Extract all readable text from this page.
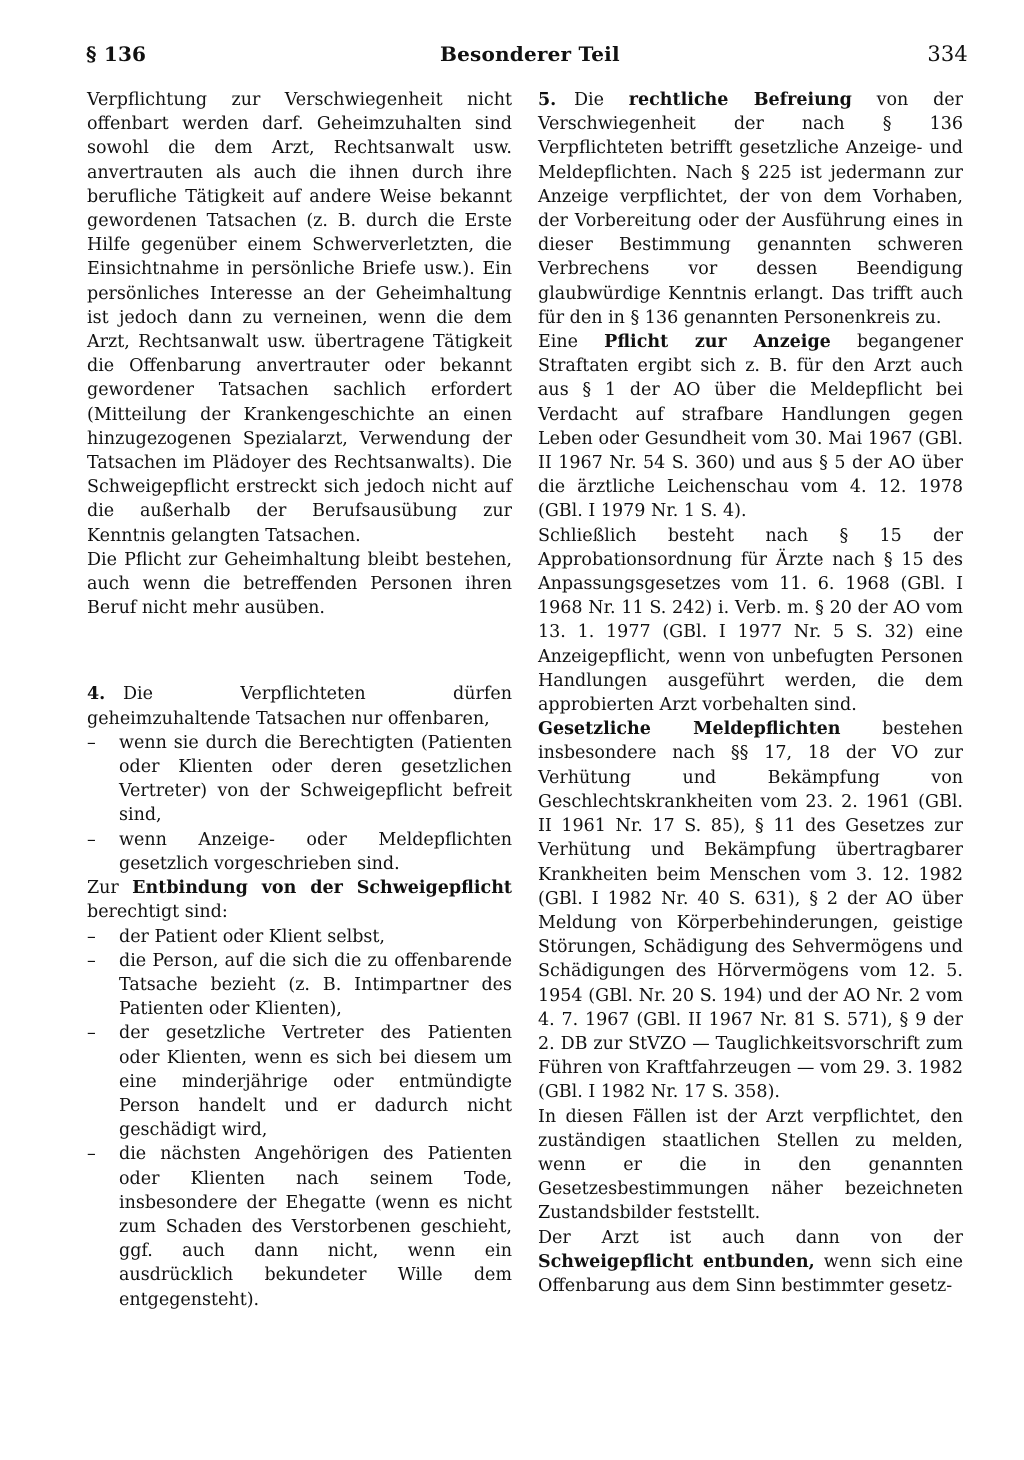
§ 136	Besonderer Teil	334

Verpflichtung zur Verschwiegenheit nicht offenbart werden darf. Geheimzuhalten sind sowohl die dem Arzt, Rechtsanwalt usw. anvertrauten als auch die ihnen durch ihre berufliche Tätigkeit auf andere Weise bekannt gewordenen Tatsachen (z. B. durch die Erste Hilfe gegenüber einem Schwerverletzten, die Einsichtnahme in persönliche Briefe usw.). Ein persönliches Interesse an der Geheimhaltung ist jedoch dann zu verneinen, wenn die dem Arzt, Rechtsanwalt usw. übertragene Tätigkeit die Offenbarung anvertrauter oder bekannt gewordener Tatsachen sachlich erfordert (Mitteilung der Krankengeschichte an einen hinzugezogenen Spezialarzt, Verwendung der Tatsachen im Plädoyer des Rechtsanwalts). Die Schweigepflicht erstreckt sich jedoch nicht auf die außerhalb der Berufsausübung zur Kenntnis gelangten Tatsachen.

Die Pflicht zur Geheimhaltung bleibt bestehen, auch wenn die betreffenden Personen ihren Beruf nicht mehr ausüben.

4. Die Verpflichteten dürfen geheimzuhaltende Tatsachen nur offenbaren,

– wenn sie durch die Berechtigten (Patienten oder Klienten oder deren gesetzlichen Vertreter) von der Schweigepflicht befreit sind,
– wenn Anzeige- oder Meldepflichten gesetzlich vorgeschrieben sind.

Zur Entbindung von der Schweigepflicht berechtigt sind:

– der Patient oder Klient selbst,
– die Person, auf die sich die zu offenbarende Tatsache bezieht (z. B. Intimpartner des Patienten oder Klienten),
– der gesetzliche Vertreter des Patienten oder Klienten, wenn es sich bei diesem um eine minderjährige oder entmündigte Person handelt und er dadurch nicht geschädigt wird,
– die nächsten Angehörigen des Patienten oder Klienten nach seinem Tode, insbesondere der Ehegatte (wenn es nicht zum Schaden des Verstorbenen geschieht, ggf. auch dann nicht, wenn ein ausdrücklich bekundeter Wille dem entgegensteht).

5. Die rechtliche Befreiung von der Verschwiegenheit der nach § 136 Verpflichteten betrifft gesetzliche Anzeige- und Meldepflichten. Nach § 225 ist jedermann zur Anzeige verpflichtet, der von dem Vorhaben, der Vorbereitung oder der Ausführung eines in dieser Bestimmung genannten schweren Verbrechens vor dessen Beendigung glaubwürdige Kenntnis erlangt. Das trifft auch für den in § 136 genannten Personenkreis zu.

Eine Pflicht zur Anzeige begangener Straftaten ergibt sich z. B. für den Arzt auch aus § 1 der AO über die Meldepflicht bei Verdacht auf strafbare Handlungen gegen Leben oder Gesundheit vom 30. Mai 1967 (GBl. II 1967 Nr. 54 S. 360) und aus § 5 der AO über die ärztliche Leichenschau vom 4. 12. 1978 (GBl. I 1979 Nr. 1 S. 4).

Schließlich besteht nach § 15 der Approbationsordnung für Ärzte nach § 15 des Anpassungsgesetzes vom 11. 6. 1968 (GBl. I 1968 Nr. 11 S. 242) i. Verb. m. § 20 der AO vom 13. 1. 1977 (GBl. I 1977 Nr. 5 S. 32) eine Anzeigepflicht, wenn von unbefugten Personen Handlungen ausgeführt werden, die dem approbierten Arzt vorbehalten sind.

Gesetzliche Meldepflichten bestehen insbesondere nach §§ 17, 18 der VO zur Verhütung und Bekämpfung von Geschlechtskrankheiten vom 23. 2. 1961 (GBl. II 1961 Nr. 17 S. 85), § 11 des Gesetzes zur Verhütung und Bekämpfung übertragbarer Krankheiten beim Menschen vom 3. 12. 1982 (GBl. I 1982 Nr. 40 S. 631), § 2 der AO über Meldung von Körperbehinderungen, geistige Störungen, Schädigung des Sehvermögens und Schädigungen des Hörvermögens vom 12. 5. 1954 (GBl. Nr. 20 S. 194) und der AO Nr. 2 vom 4. 7. 1967 (GBl. II 1967 Nr. 81 S. 571), § 9 der 2. DB zur StVZO — Tauglichkeitsvorschrift zum Führen von Kraftfahrzeugen — vom 29. 3. 1982 (GBl. I 1982 Nr. 17 S. 358).

In diesen Fällen ist der Arzt verpflichtet, den zuständigen staatlichen Stellen zu melden, wenn er die in den genannten Gesetzesbestimmungen näher bezeichneten Zustandsbilder feststellt.

Der Arzt ist auch dann von der Schweigepflicht entbunden, wenn sich eine Offenbarung aus dem Sinn bestimmter gesetz-
